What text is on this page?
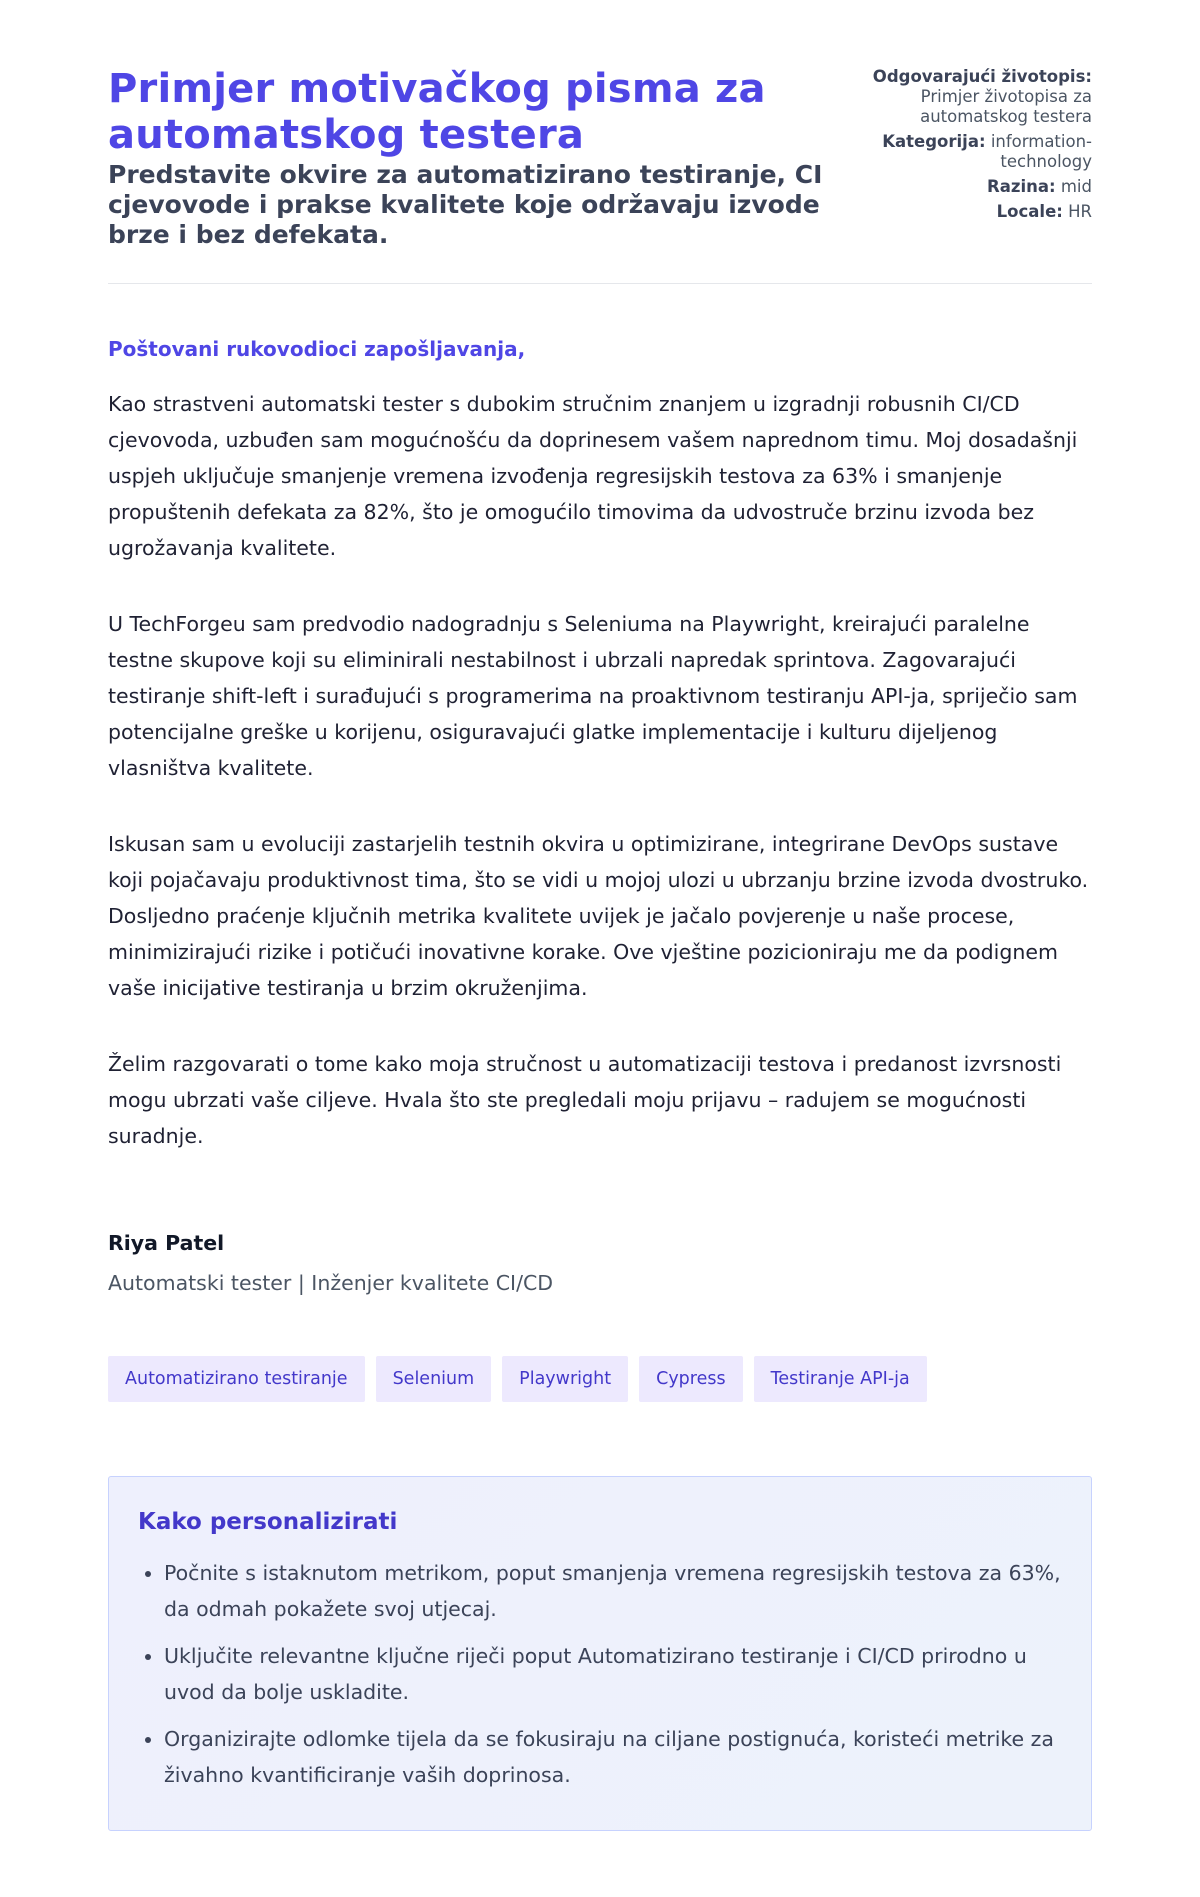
Primjer motivačkog pisma za automatskog testera
Predstavite okvire za automatizirano testiranje, CI cjevovode i prakse kvalitete koje održavaju izvode brze i bez defekata.
Odgovarajući životopis:
Primjer životopisa za automatskog testera
Kategorija: information-technology
Razina: mid
Locale: HR
Poštovani rukovodioci zapošljavanja,

Kao strastveni automatski tester s dubokim stručnim znanjem u izgradnji robusnih CI/CD cjevovoda, uzbuđen sam mogućnošću da doprinesem vašem naprednom timu. Moj dosadašnji uspjeh uključuje smanjenje vremena izvođenja regresijskih testova za 63% i smanjenje propuštenih defekata za 82%, što je omogućilo timovima da udvostruče brzinu izvoda bez ugrožavanja kvalitete.

U TechForgeu sam predvodio nadogradnju s Seleniuma na Playwright, kreirajući paralelne testne skupove koji su eliminirali nestabilnost i ubrzali napredak sprintova. Zagovarajući testiranje shift-left i surađujući s programerima na proaktivnom testiranju API-ja, spriječio sam potencijalne greške u korijenu, osiguravajući glatke implementacije i kulturu dijeljenog vlasništva kvalitete.

Iskusan sam u evoluciji zastarjelih testnih okvira u optimizirane, integrirane DevOps sustave koji pojačavaju produktivnost tima, što se vidi u mojoj ulozi u ubrzanju brzine izvoda dvostruko. Dosljedno praćenje ključnih metrika kvalitete uvijek je jačalo povjerenje u naše procese, minimizirajući rizike i potičući inovativne korake. Ove vještine pozicioniraju me da podignem vaše inicijative testiranja u brzim okruženjima.

Želim razgovarati o tome kako moja stručnost u automatizaciji testova i predanost izvrsnosti mogu ubrzati vaše ciljeve. Hvala što ste pregledali moju prijavu – radujem se mogućnosti suradnje.

Riya Patel
Automatski tester | Inženjer kvalitete CI/CD
Automatizirano testiranje	Selenium	Playwright	Cypress	Testiranje API-ja
Kako personalizirati
• Počnite s istaknutom metrikom, poput smanjenja vremena regresijskih testova za 63%, da odmah pokažete svoj utjecaj.
• Uključite relevantne ključne riječi poput Automatizirano testiranje i CI/CD prirodno u uvod da bolje uskladite.
• Organizirajte odlomke tijela da se fokusiraju na ciljane postignuća, koristeći metrike za živahno kvantificiranje vaših doprinosa.
